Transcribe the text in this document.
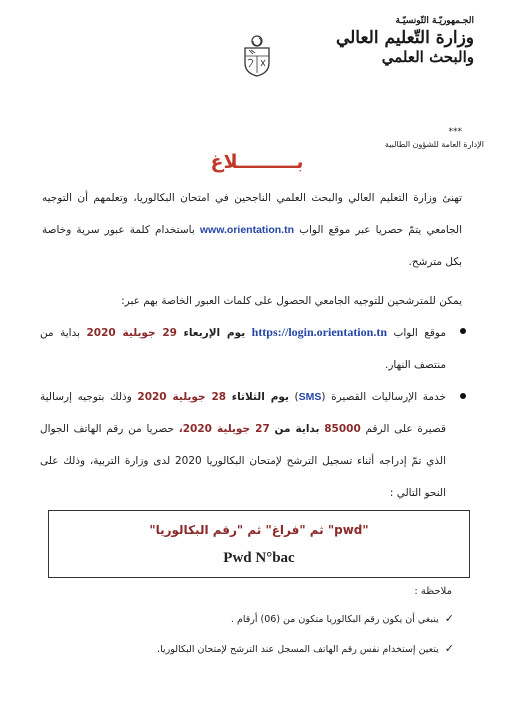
الجـمهوريّـة التّونسيّـة
وزارة التّعليم العالي
والبحث العلمي
***
الإدارة العامة للشؤون الطالبية
بـــــــــلاغ
تهنئ وزارة التعليم العالي والبحث العلمي الناجحين في امتحان البكالوريا، وتعلمهم أن التوجيه الجامعي يتمّ حصريا عبر موقع الواب www.orientation.tn باستخدام كلمة عبور سرية وخاصة بكل مترشح.
يمكن للمترشحين للتوجيه الجامعي الحصول على كلمات العبور الخاصة بهم عبر:
موقع الواب https://login.orientation.tn يوم الإربعاء 29 جويلية 2020 بداية من منتصف النهار.
خدمة الإرساليات القصيرة (SMS) يوم الثلاثاء 28 جويلية 2020 وذلك بتوجيه إرسالية قصيرة على الرقم 85000 بداية من 27 جويلية 2020، حصريا من رقم الهاتف الجوال الذي تمّ إدراجه أثناء تسجيل الترشح لإمتحان البكالوريا 2020 لدى وزارة التربية، وذلك على النحو التالي :
"pwd" ثم "فراغ" ثم "رقم البكالوريا"
Pwd N°bac
ملاحظة :
✓ينبغي أن يكون رقم البكالوريا متكون من (06) أرقام .
✓يتعين إستخدام نفس رقم الهاتف المسجل عند الترشح لإمتحان البكالوريا.
